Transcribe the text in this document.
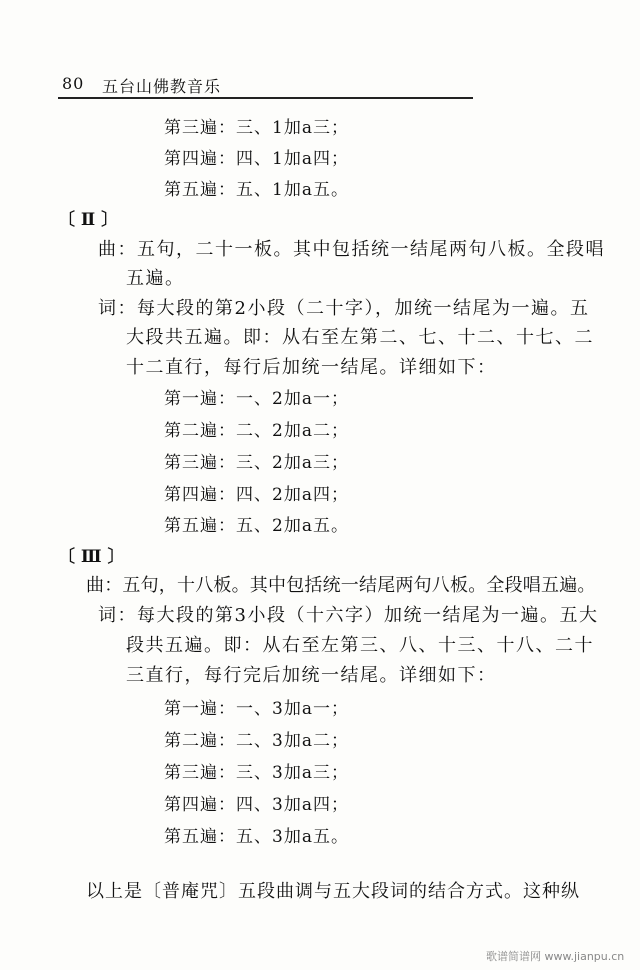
80 五台山佛教音乐
第三遍：三、1加a三；
第四遍：四、1加a四；
第五遍：五、1加a五。
〔 Ⅱ 〕
曲：五句，二十一板。其中包括统一结尾两句八板。全段唱
五遍。
词：每大段的第2小段（二十字），加统一结尾为一遍。五
大段共五遍。即：从右至左第二、七、十二、十七、二
十二直行，每行后加统一结尾。详细如下：
第一遍：一、2加a一；
第二遍：二、2加a二；
第三遍：三、2加a三；
第四遍：四、2加a四；
第五遍：五、2加a五。
〔 Ⅲ 〕
曲：五句，十八板。其中包括统一结尾两句八板。全段唱五遍。
词：每大段的第3小段（十六字）加统一结尾为一遍。五大
段共五遍。即：从右至左第三、八、十三、十八、二十
三直行，每行完后加统一结尾。详细如下：
第一遍：一、3加a一；
第二遍：二、3加a二；
第三遍：三、3加a三；
第四遍：四、3加a四；
第五遍：五、3加a五。
以上是〔普庵咒〕五段曲调与五大段词的结合方式。这种纵
歌谱简谱网 www.jianpu.cn
